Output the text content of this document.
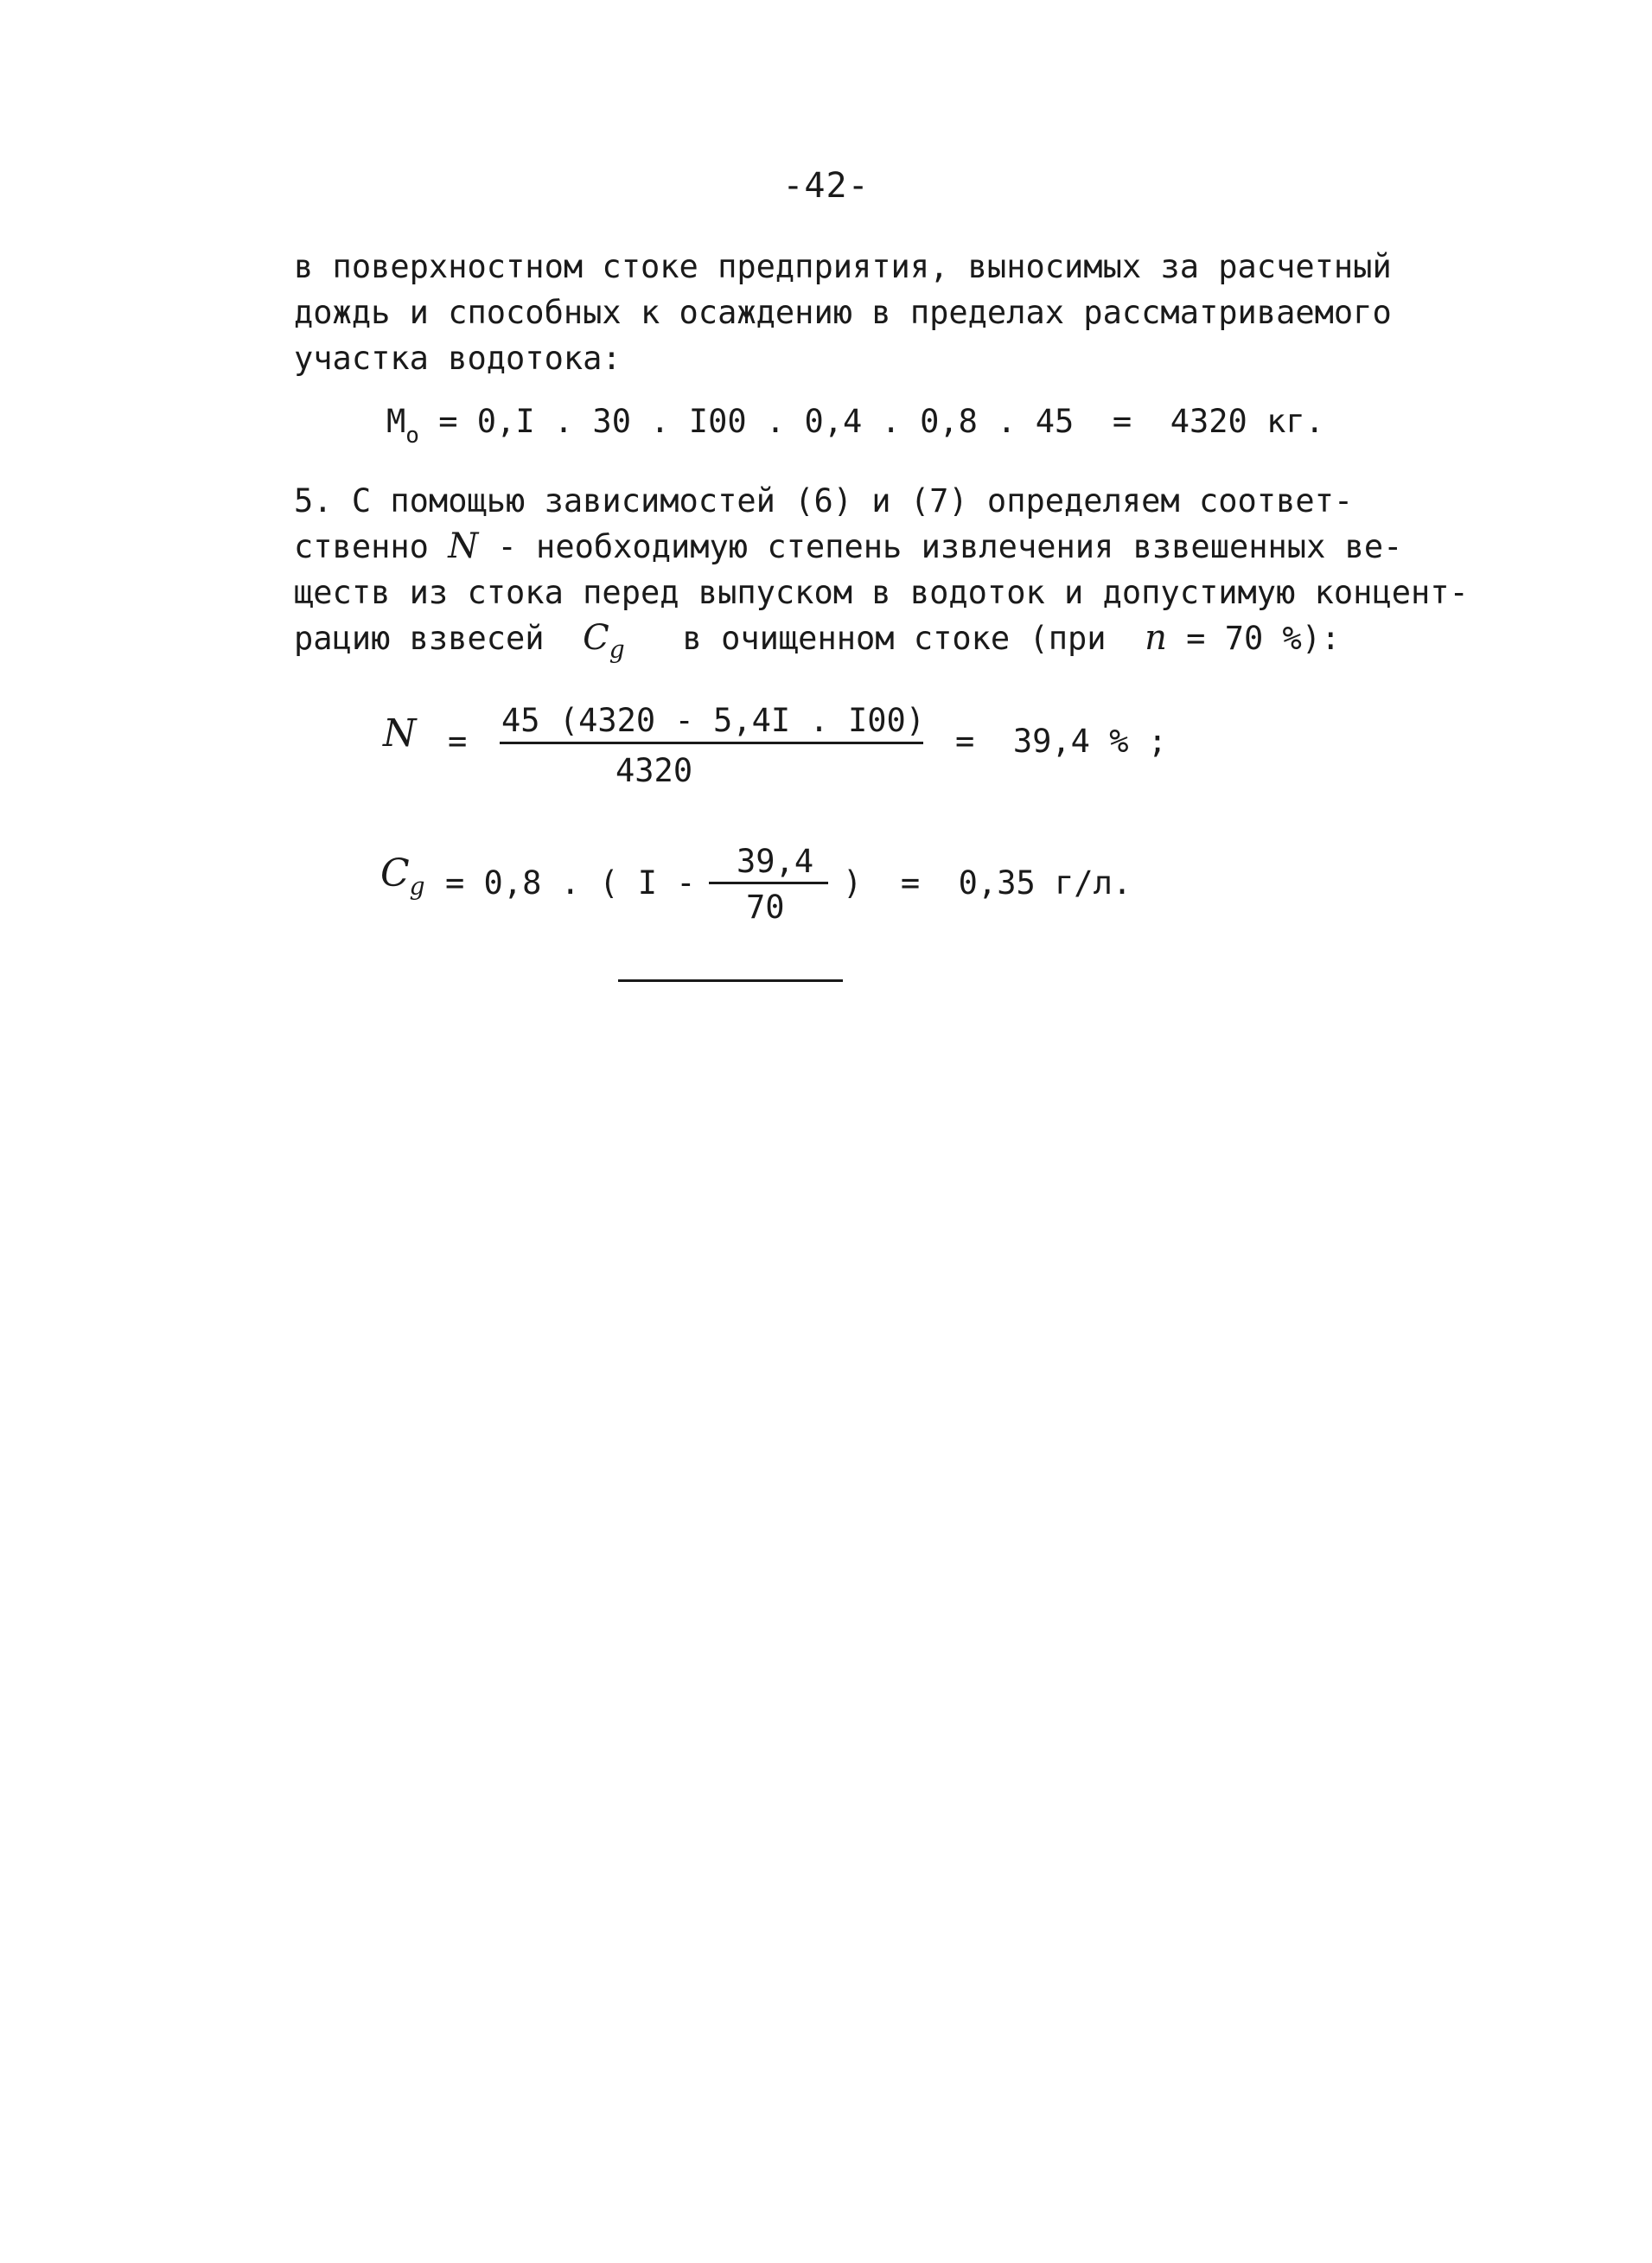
-42-
в поверхностном стоке предприятия, выносимых за расчетный
дождь и способных к осаждению в пределах рассматриваемого
участка водотока:
$М_о = 0,I$ . 30 . I00 . 0,4 . 0,8 . 45  =  4320 кг.
5. С помощью зависимостей (6) и (7) определяем соответ-
ственно N - необходимую степень извлечения взвешенных ве-
ществ из стока перед выпуском в водоток и допустимую концент-
рацию взвесей  $C_g$   в очищенном стоке (при  n = 70 %):
N =
45 (4320 - 5,4I . I00)
4320
=  39,4 % ;
$C_g = 0,8$ . ( I -
39,4
70
)  =  0,35 г/л.
